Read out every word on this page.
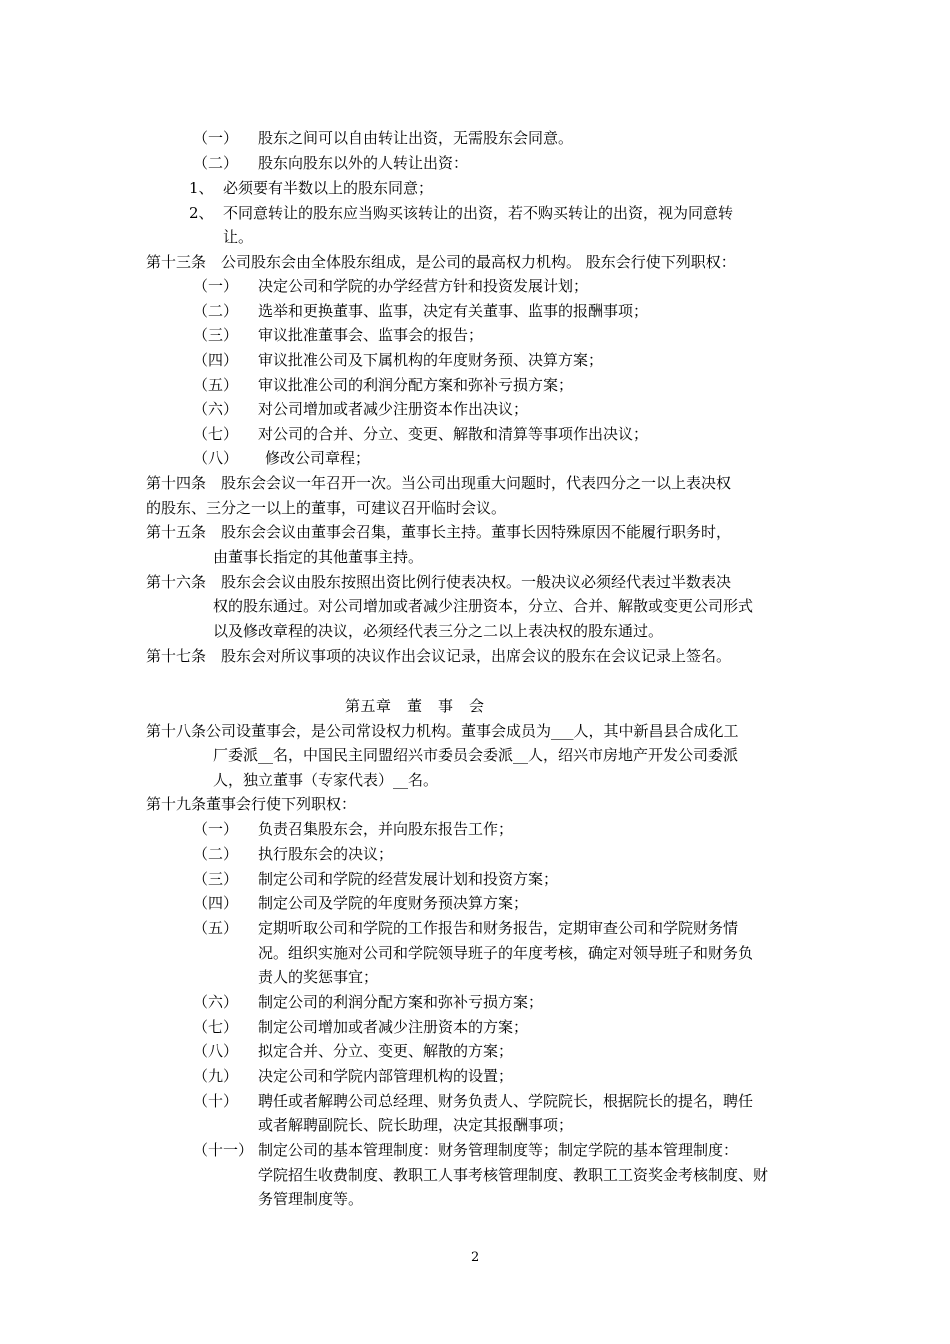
（一） 股东之间可以自由转让出资，无需股东会同意。
（二） 股东向股东以外的人转让出资：
1、 必须要有半数以上的股东同意；
2、 不同意转让的股东应当购买该转让的出资，若不购买转让的出资，视为同意转
让。
第十三条　公司股东会由全体股东组成，是公司的最高权力机构。 股东会行使下列职权：
（一） 决定公司和学院的办学经营方针和投资发展计划；
（二） 选举和更换董事、监事，决定有关董事、监事的报酬事项；
（三） 审议批准董事会、监事会的报告；
（四） 审议批准公司及下属机构的年度财务预、决算方案；
（五） 审议批准公司的利润分配方案和弥补亏损方案；
（六） 对公司增加或者减少注册资本作出决议；
（七） 对公司的合并、分立、变更、解散和清算等事项作出决议；
（八） 修改公司章程；
第十四条　股东会会议一年召开一次。当公司出现重大问题时，代表四分之一以上表决权
的股东、三分之一以上的董事，可建议召开临时会议。
第十五条　股东会会议由董事会召集，董事长主持。董事长因特殊原因不能履行职务时，
由董事长指定的其他董事主持。
第十六条　股东会会议由股东按照出资比例行使表决权。一般决议必须经代表过半数表决
权的股东通过。对公司增加或者减少注册资本，分立、合并、解散或变更公司形式
以及修改章程的决议，必须经代表三分之二以上表决权的股东通过。
第十七条　股东会对所议事项的决议作出会议记录，出席会议的股东在会议记录上签名。
第五章　董　事　会
第十八条公司设董事会，是公司常设权力机构。董事会成员为___人，其中新昌县合成化工
厂委派__名，中国民主同盟绍兴市委员会委派__人，绍兴市房地产开发公司委派
人，独立董事（专家代表）__名。
第十九条董事会行使下列职权：
（一） 负责召集股东会，并向股东报告工作；
（二） 执行股东会的决议；
（三） 制定公司和学院的经营发展计划和投资方案；
（四） 制定公司及学院的年度财务预决算方案；
（五） 定期听取公司和学院的工作报告和财务报告，定期审查公司和学院财务情
况。组织实施对公司和学院领导班子的年度考核，确定对领导班子和财务负
责人的奖惩事宜；
（六） 制定公司的利润分配方案和弥补亏损方案；
（七） 制定公司增加或者减少注册资本的方案；
（八） 拟定合并、分立、变更、解散的方案；
（九） 决定公司和学院内部管理机构的设置；
（十） 聘任或者解聘公司总经理、财务负责人、学院院长，根据院长的提名，聘任
或者解聘副院长、院长助理，决定其报酬事项；
（十一） 制定公司的基本管理制度：财务管理制度等；制定学院的基本管理制度：
学院招生收费制度、教职工人事考核管理制度、教职工工资奖金考核制度、财
务管理制度等。
2
